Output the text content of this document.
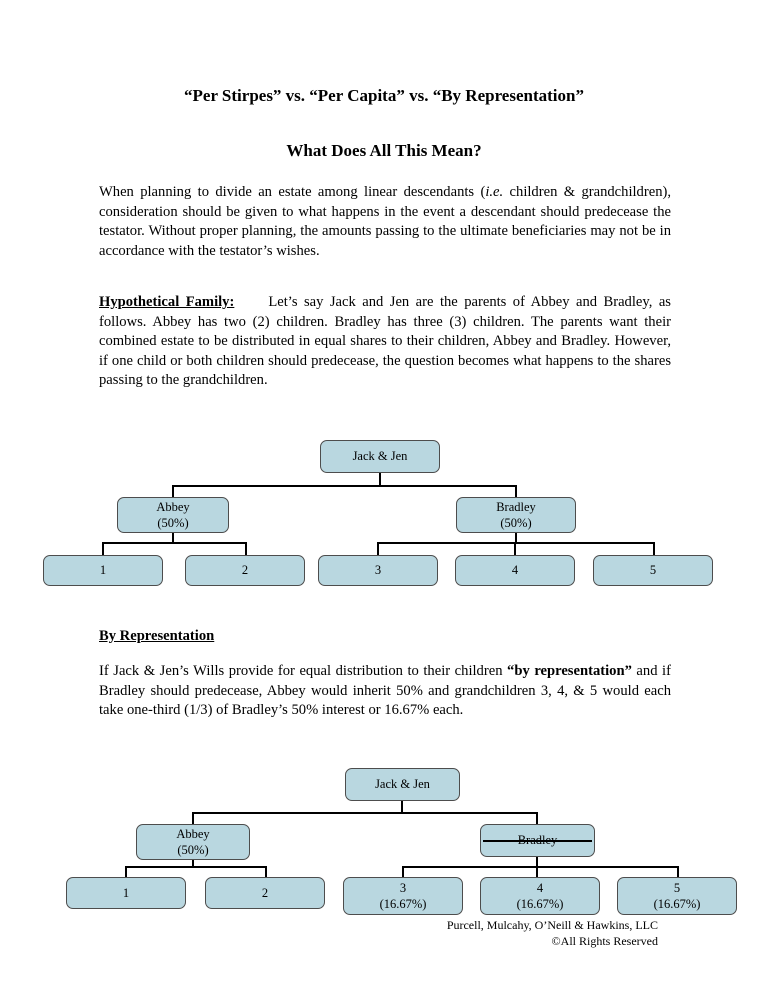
“Per Stirpes” vs. “Per Capita” vs. “By Representation”
What Does All This Mean?
When planning to divide an estate among linear descendants (i.e. children & grandchildren), consideration should be given to what happens in the event a descendant should predecease the testator. Without proper planning, the amounts passing to the ultimate beneficiaries may not be in accordance with the testator’s wishes.
Hypothetical Family: Let’s say Jack and Jen are the parents of Abbey and Bradley, as follows. Abbey has two (2) children. Bradley has three (3) children. The parents want their combined estate to be distributed in equal shares to their children, Abbey and Bradley. However, if one child or both children should predecease, the question becomes what happens to the shares passing to the grandchildren.
Jack & Jen
Abbey
(50%)
Bradley
(50%)
1	2	3	4	5
By Representation
If Jack & Jen’s Wills provide for equal distribution to their children “by representation” and if Bradley should predecease, Abbey would inherit 50% and grandchildren 3, 4, & 5 would each take one-third (1/3) of Bradley’s 50% interest or 16.67% each.
Jack & Jen
Abbey
(50%)
1	2	3
(16.67%)
4
(16.67%)
5
(16.67%)
Purcell, Mulcahy, O’Neill & Hawkins, LLC
©All Rights Reserved
